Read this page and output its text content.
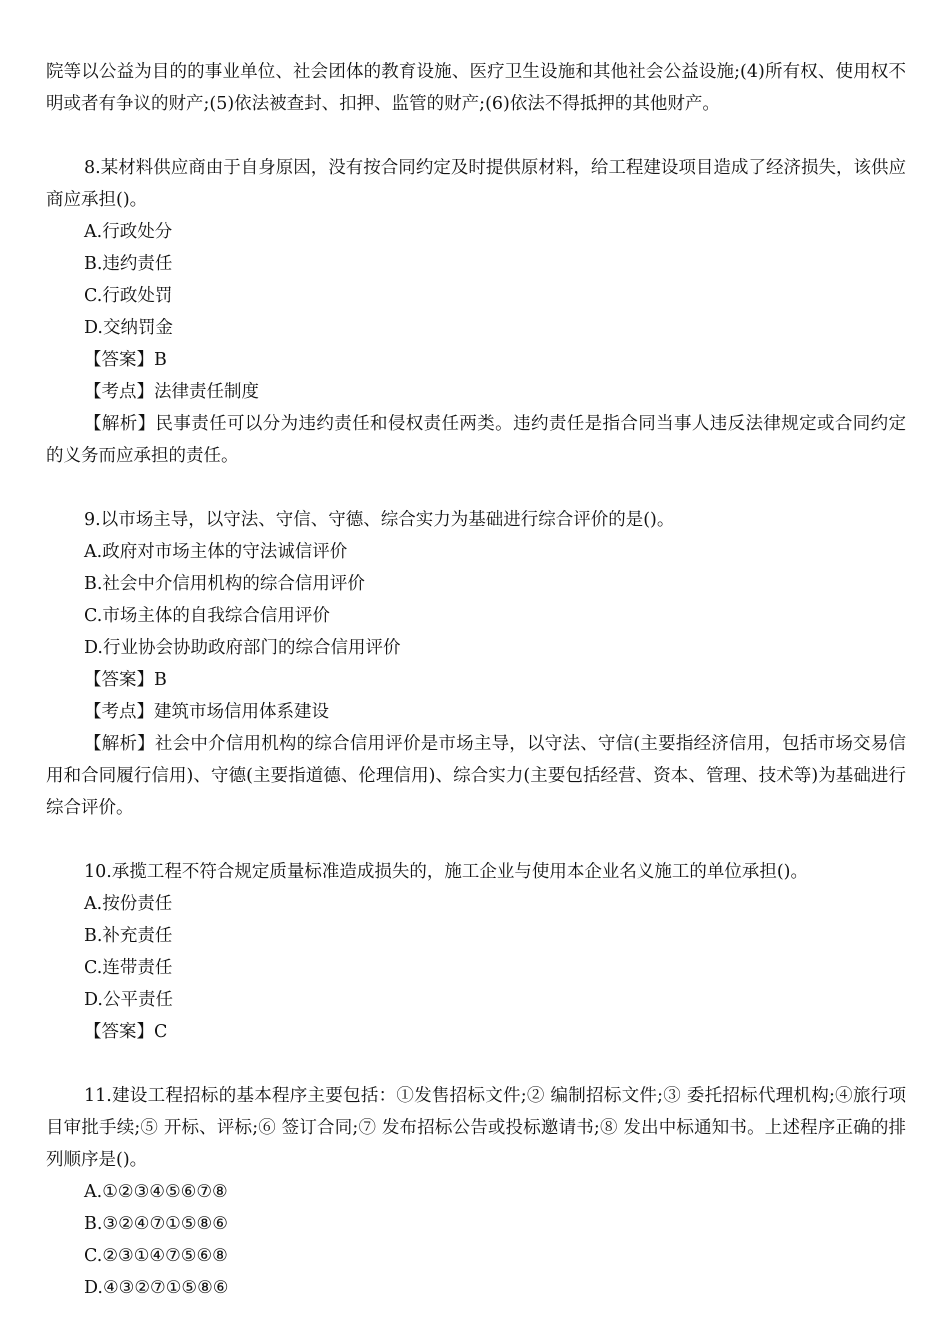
院等以公益为目的的事业单位、社会团体的教育设施、医疗卫生设施和其他社会公益设施;(4)所有权、使用权不明或者有争议的财产;(5)依法被查封、扣押、监管的财产;(6)依法不得抵押的其他财产。

8.某材料供应商由于自身原因，没有按合同约定及时提供原材料，给工程建设项目造成了经济损失，该供应商应承担()。

A.行政处分

B.违约责任

C.行政处罚

D.交纳罚金

【答案】B

【考点】法律责任制度

【解析】民事责任可以分为违约责任和侵权责任两类。违约责任是指合同当事人违反法律规定或合同约定的义务而应承担的责任。

9.以市场主导，以守法、守信、守德、综合实力为基础进行综合评价的是()。

A.政府对市场主体的守法诚信评价

B.社会中介信用机构的综合信用评价

C.市场主体的自我综合信用评价

D.行业协会协助政府部门的综合信用评价

【答案】B

【考点】建筑市场信用体系建设

【解析】社会中介信用机构的综合信用评价是市场主导，以守法、守信(主要指经济信用，包括市场交易信用和合同履行信用)、守德(主要指道德、伦理信用)、综合实力(主要包括经营、资本、管理、技术等)为基础进行综合评价。

10.承揽工程不符合规定质量标准造成损失的，施工企业与使用本企业名义施工的单位承担()。

A.按份责任

B.补充责任

C.连带责任

D.公平责任

【答案】C

11.建设工程招标的基本程序主要包括：①发售招标文件;② 编制招标文件;③ 委托招标代理机构;④旅行项目审批手续;⑤ 开标、评标;⑥ 签订合同;⑦ 发布招标公告或投标邀请书;⑧ 发出中标通知书。上述程序正确的排列顺序是()。

A.①②③④⑤⑥⑦⑧

B.③②④⑦①⑤⑧⑥

C.②③①④⑦⑤⑥⑧

D.④③②⑦①⑤⑧⑥
